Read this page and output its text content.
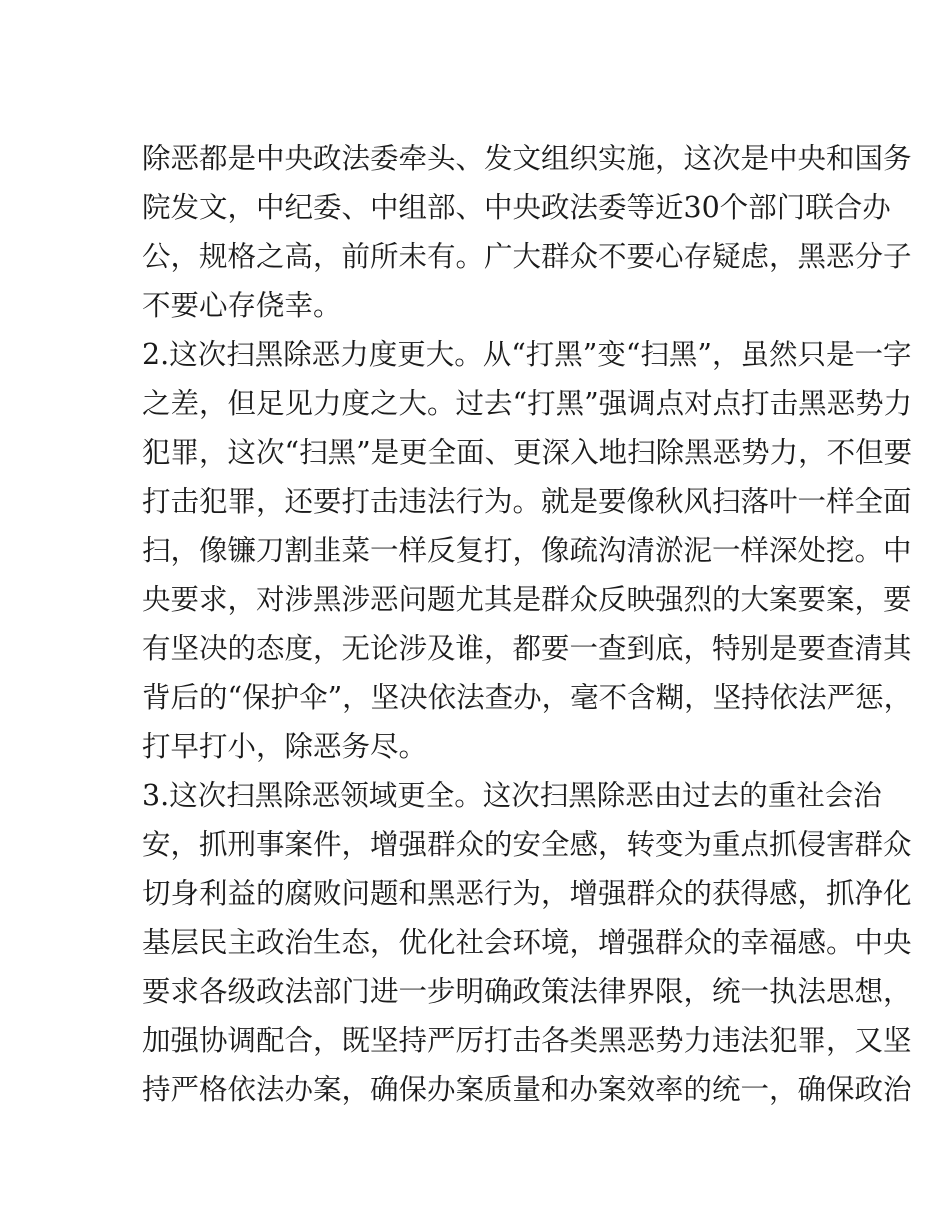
除恶都是中央政法委牵头、发文组织实施，这次是中央和国务
院发文，中纪委、中组部、中央政法委等近30个部门联合办
公，规格之高，前所未有。广大群众不要心存疑虑，黑恶分子
不要心存侥幸。
2.这次扫黑除恶力度更大。从“打黑”变“扫黑”，虽然只是一字
之差，但足见力度之大。过去“打黑”强调点对点打击黑恶势力
犯罪，这次“扫黑”是更全面、更深入地扫除黑恶势力，不但要
打击犯罪，还要打击违法行为。就是要像秋风扫落叶一样全面
扫，像镰刀割韭菜一样反复打，像疏沟清淤泥一样深处挖。中
央要求，对涉黑涉恶问题尤其是群众反映强烈的大案要案，要
有坚决的态度，无论涉及谁，都要一查到底，特别是要查清其
背后的“保护伞”，坚决依法查办，毫不含糊，坚持依法严惩，
打早打小，除恶务尽。
3.这次扫黑除恶领域更全。这次扫黑除恶由过去的重社会治
安，抓刑事案件，增强群众的安全感，转变为重点抓侵害群众
切身利益的腐败问题和黑恶行为，增强群众的获得感，抓净化
基层民主政治生态，优化社会环境，增强群众的幸福感。中央
要求各级政法部门进一步明确政策法律界限，统一执法思想，
加强协调配合，既坚持严厉打击各类黑恶势力违法犯罪，又坚
持严格依法办案，确保办案质量和办案效率的统一，确保政治
